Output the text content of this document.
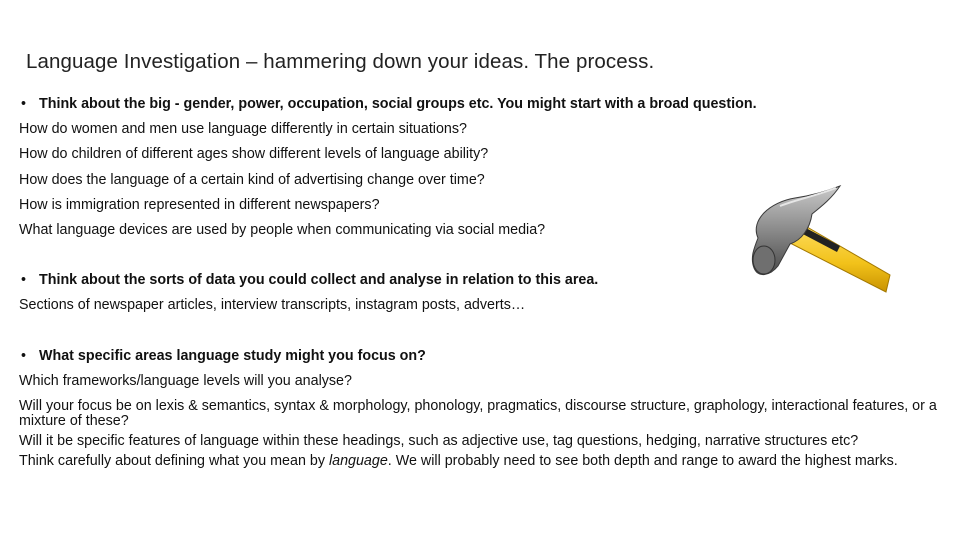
Language Investigation – hammering down your ideas. The process.
• Think about the big - gender, power, occupation, social groups etc. You might start with a broad question.
How do women and men use language differently in certain situations?
How do children of different ages show different levels of language ability?
How does the language of a certain kind of advertising change over time?
How is immigration represented in different newspapers?
What language devices are used by people when communicating via social media?
• Think about the sorts of data you could collect and analyse in relation to this area.
Sections of newspaper articles, interview transcripts, instagram posts, adverts…
• What specific areas language study might you focus on?
Which frameworks/language levels will you analyse?
Will your focus be on lexis & semantics, syntax & morphology, phonology, pragmatics, discourse structure, graphology, interactional features, or a mixture of these?
Will it be specific features of language within these headings, such as adjective use, tag questions, hedging, narrative structures etc?
Think carefully about defining what you mean by language. We will probably need to see both depth and range to award the highest marks.
